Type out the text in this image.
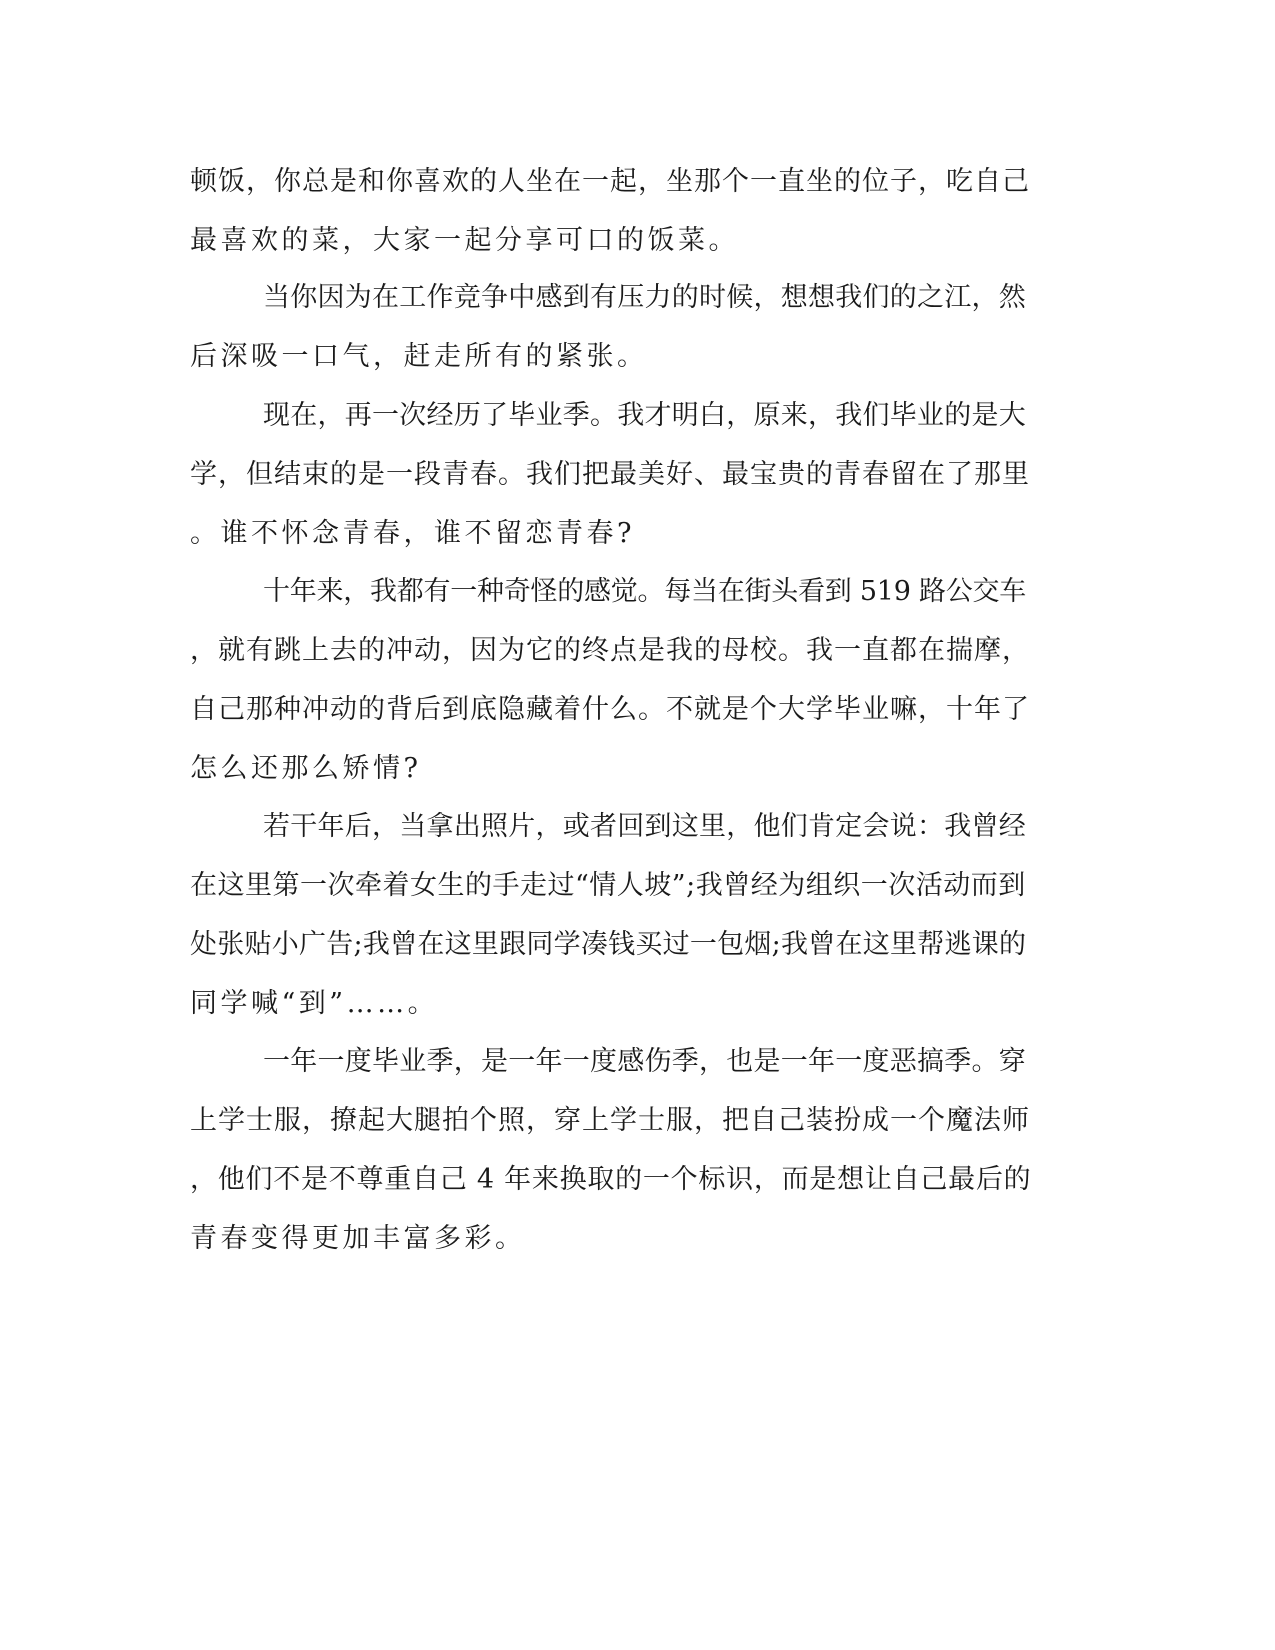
顿饭，你总是和你喜欢的人坐在一起，坐那个一直坐的位子，吃自己
最喜欢的菜，大家一起分享可口的饭菜。
当你因为在工作竞争中感到有压力的时候，想想我们的之江，然
后深吸一口气，赶走所有的紧张。
现在，再一次经历了毕业季。我才明白，原来，我们毕业的是大
学，但结束的是一段青春。我们把最美好、最宝贵的青春留在了那里
。谁不怀念青春，谁不留恋青春?
十年来，我都有一种奇怪的感觉。每当在街头看到 519 路公交车
，就有跳上去的冲动，因为它的终点是我的母校。我一直都在揣摩，
自己那种冲动的背后到底隐藏着什么。不就是个大学毕业嘛，十年了
怎么还那么矫情?
若干年后，当拿出照片，或者回到这里，他们肯定会说：我曾经
在这里第一次牵着女生的手走过“情人坡”;我曾经为组织一次活动而到
处张贴小广告;我曾在这里跟同学凑钱买过一包烟;我曾在这里帮逃课的
同学喊“到”……。
一年一度毕业季，是一年一度感伤季，也是一年一度恶搞季。穿
上学士服，撩起大腿拍个照，穿上学士服，把自己装扮成一个魔法师
，他们不是不尊重自己 4 年来换取的一个标识，而是想让自己最后的
青春变得更加丰富多彩。
